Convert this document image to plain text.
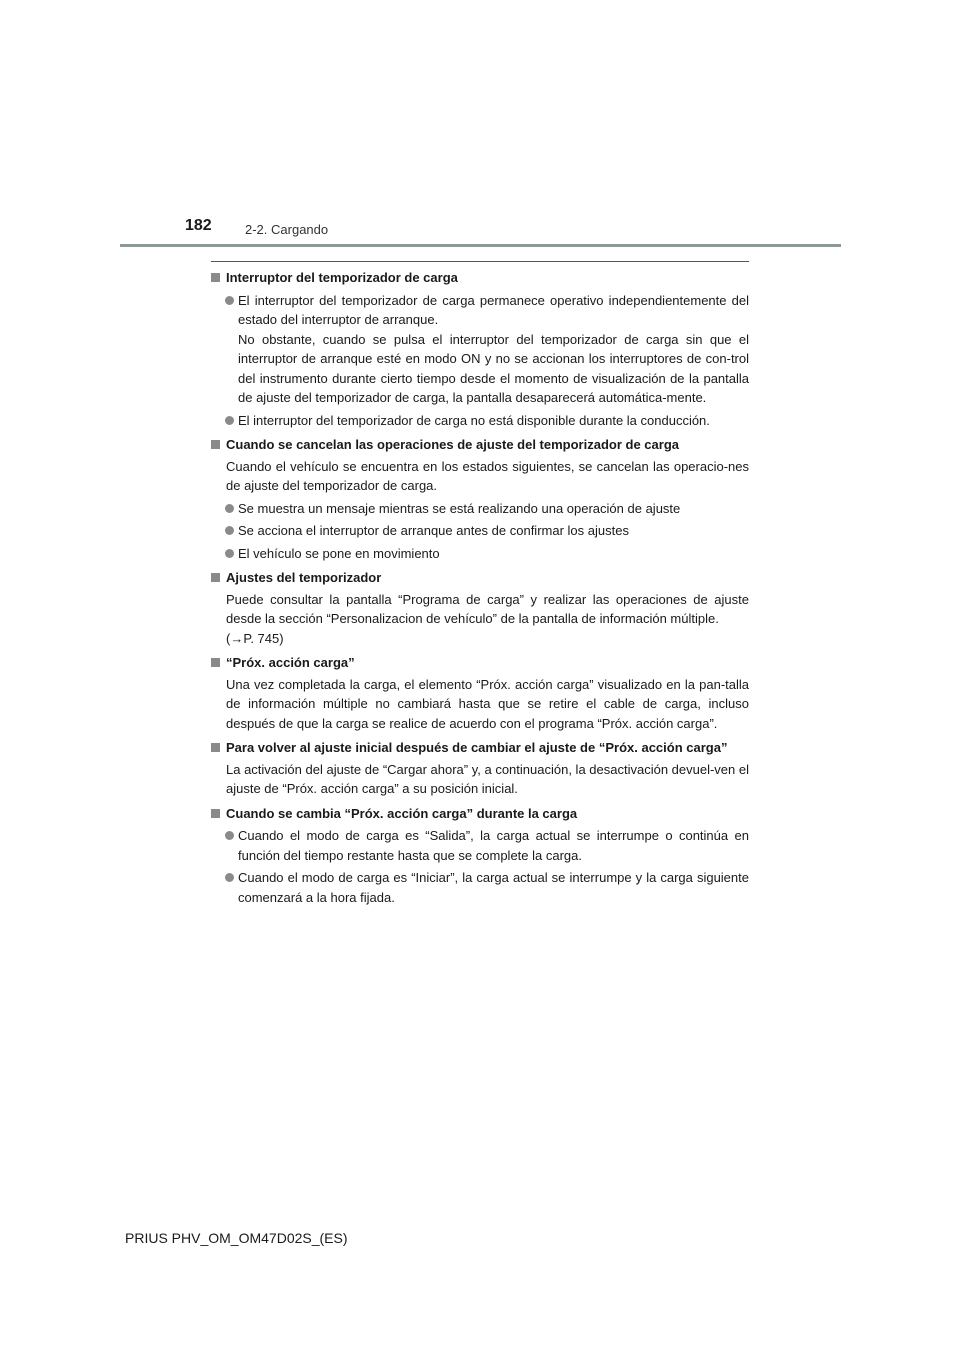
182	2-2. Cargando
Interruptor del temporizador de carga
El interruptor del temporizador de carga permanece operativo independientemente del estado del interruptor de arranque.
No obstante, cuando se pulsa el interruptor del temporizador de carga sin que el interruptor de arranque esté en modo ON y no se accionan los interruptores de con-trol del instrumento durante cierto tiempo desde el momento de visualización de la pantalla de ajuste del temporizador de carga, la pantalla desaparecerá automática-mente.
El interruptor del temporizador de carga no está disponible durante la conducción.
Cuando se cancelan las operaciones de ajuste del temporizador de carga
Cuando el vehículo se encuentra en los estados siguientes, se cancelan las operacio-nes de ajuste del temporizador de carga.
Se muestra un mensaje mientras se está realizando una operación de ajuste
Se acciona el interruptor de arranque antes de confirmar los ajustes
El vehículo se pone en movimiento
Ajustes del temporizador
Puede consultar la pantalla “Programa de carga” y realizar las operaciones de ajuste desde la sección “Personalizacion de vehículo” de la pantalla de información múltiple.
(→P. 745)
“Próx. acción carga”
Una vez completada la carga, el elemento “Próx. acción carga” visualizado en la pan-talla de información múltiple no cambiará hasta que se retire el cable de carga, incluso después de que la carga se realice de acuerdo con el programa “Próx. acción carga”.
Para volver al ajuste inicial después de cambiar el ajuste de “Próx. acción carga”
La activación del ajuste de “Cargar ahora” y, a continuación, la desactivación devuel-ven el ajuste de “Próx. acción carga” a su posición inicial.
Cuando se cambia “Próx. acción carga” durante la carga
Cuando el modo de carga es “Salida”, la carga actual se interrumpe o continúa en función del tiempo restante hasta que se complete la carga.
Cuando el modo de carga es “Iniciar”, la carga actual se interrumpe y la carga siguiente comenzará a la hora fijada.
PRIUS PHV_OM_OM47D02S_(ES)
